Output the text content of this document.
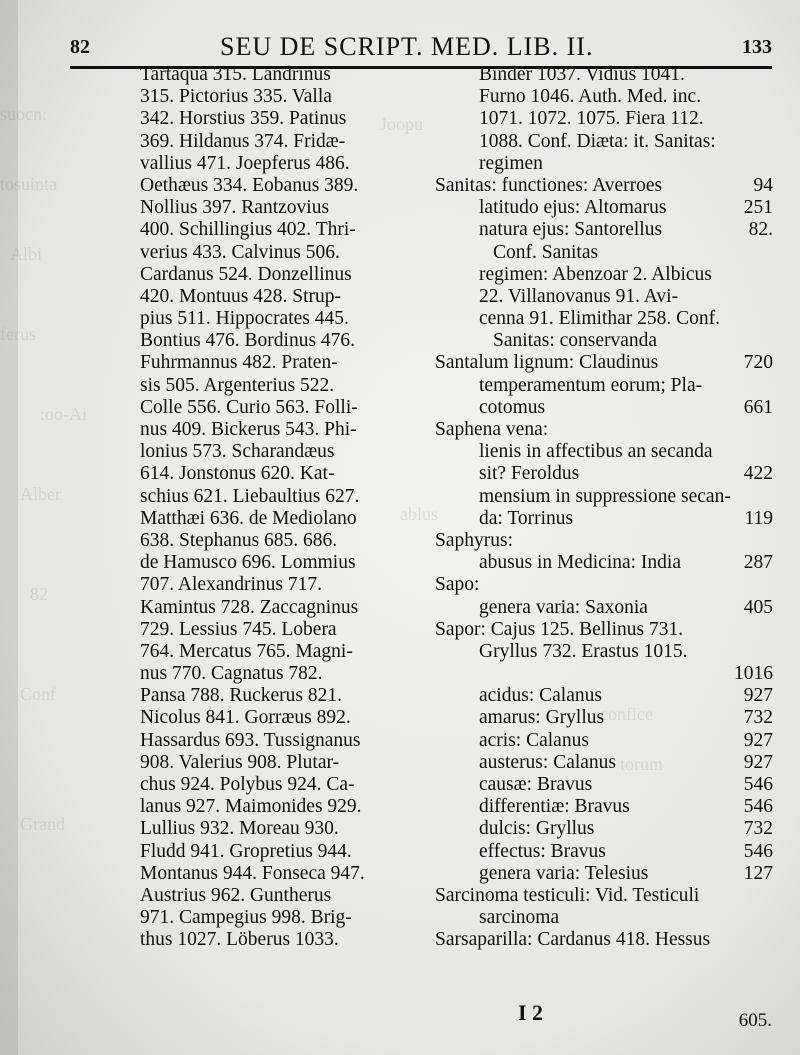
suocn:
tosuinta
Albi
ferus
:oo-Ai
Alber
82
Conf
Grand
Joopu
ablus
confice
torum
82	SEU DE SCRIPT. MED. LIB. II.	133
Tartaqua 315. Landrinus
315. Pictorius 335. Valla
342. Horstius 359. Patinus
369. Hildanus 374. Fridæ-
vallius 471. Joepferus 486.
Oethæus 334. Eobanus 389.
Nollius 397. Rantzovius
400. Schillingius 402. Thri-
verius 433. Calvinus 506.
Cardanus 524. Donzellinus
420. Montuus 428. Strup-
pius 511. Hippocrates 445.
Bontius 476. Bordinus 476.
Fuhrmannus 482. Praten-
sis 505. Argenterius 522.
Colle 556. Curio 563. Folli-
nus 409. Bickerus 543. Phi-
lonius 573. Scharandæus
614. Jonstonus 620. Kat-
schius 621. Liebaultius 627.
Matthæi 636. de Mediolano
638. Stephanus 685. 686.
de Hamusco 696. Lommius
707. Alexandrinus 717.
Kamintus 728. Zaccagninus
729. Lessius 745. Lobera
764. Mercatus 765. Magni-
nus 770. Cagnatus 782.
Pansa 788. Ruckerus 821.
Nicolus 841. Gorræus 892.
Hassardus 693. Tussignanus
908. Valerius 908. Plutar-
chus 924. Polybus 924. Ca-
lanus 927. Maimonides 929.
Lullius 932. Moreau 930.
Fludd 941. Gropretius 944.
Montanus 944. Fonseca 947.
Austrius 962. Guntherus
971. Campegius 998. Brig-
thus 1027. Löberus 1033.
Binder 1037. Vidius 1041.
Furno 1046. Auth. Med. inc.
1071. 1072. 1075. Fiera 112.
1088. Conf. Diæta: it. Sanitas:
regimen
Sanitas: functiones: Averroes	94
latitudo ejus: Altomarus	251
natura ejus: Santorellus	82.
Conf. Sanitas
regimen: Abenzoar 2. Albicus
22. Villanovanus 91. Avi-
cenna 91. Elimithar 258. Conf.
Sanitas: conservanda
Santalum lignum: Claudinus	720
temperamentum eorum; Pla-
cotomus	661
Saphena vena:
lienis in affectibus an secanda
sit? Feroldus	422
mensium in suppressione secan-
da: Torrinus	119
Saphyrus:
abusus in Medicina: India	287
Sapo:
genera varia: Saxonia	405
Sapor: Cajus 125. Bellinus 731.
Gryllus 732. Erastus 1015.
1016
acidus: Calanus	927
amarus: Gryllus	732
acris: Calanus	927
austerus: Calanus	927
causæ: Bravus	546
differentiæ: Bravus	546
dulcis: Gryllus	732
effectus: Bravus	546
genera varia: Telesius	127
Sarcinoma testiculi: Vid. Testiculi
sarcinoma
Sarsaparilla: Cardanus 418. Hessus
I 2	605.
